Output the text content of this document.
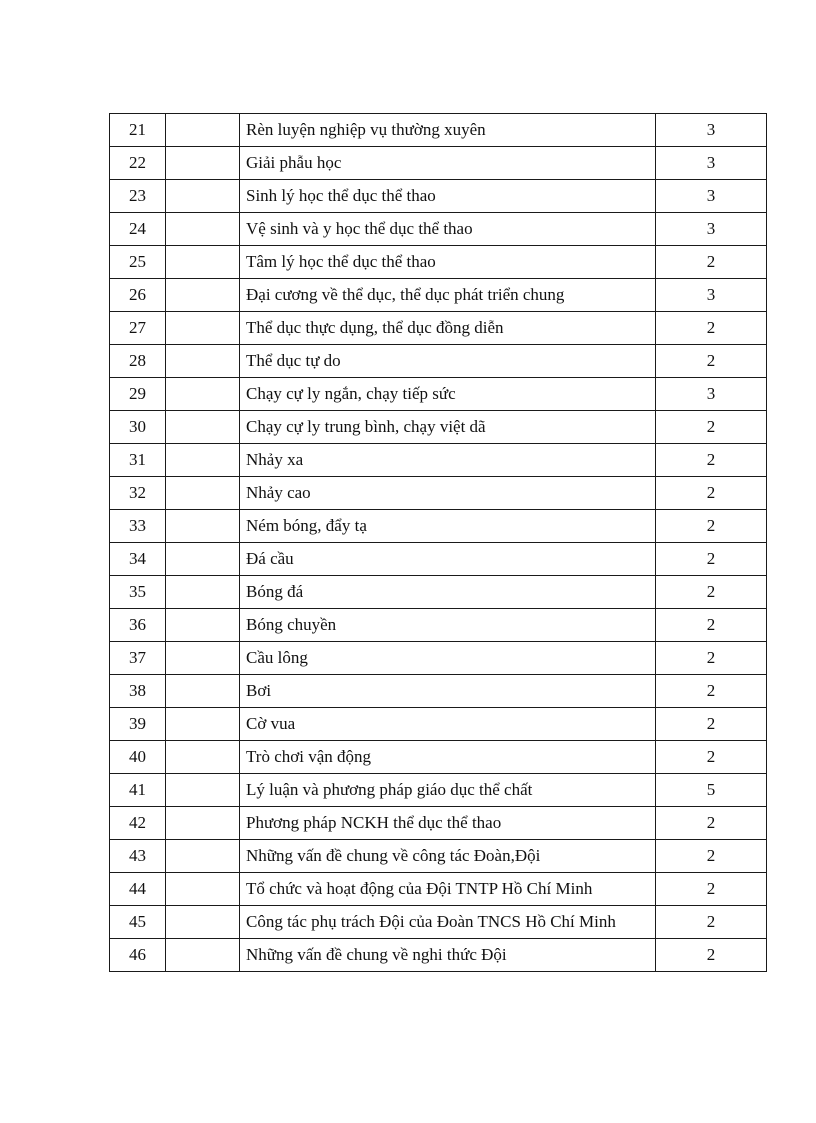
21		Rèn luyện nghiệp vụ thường xuyên	3
22		Giải phẫu học	3
23		Sinh lý học thể dục thể thao	3
24		Vệ sinh và y học thể dục thể thao	3
25		Tâm lý học thể dục thể thao	2
26		Đại cương về thể dục, thể dục phát triển chung	3
27		Thể dục thực dụng, thể dục đồng diễn	2
28		Thể dục tự do	2
29		Chạy cự ly ngắn, chạy tiếp sức	3
30		Chạy cự ly trung bình, chạy việt dã	2
31		Nhảy xa	2
32		Nhảy cao	2
33		Ném bóng, đẩy tạ	2
34		Đá cầu	2
35		Bóng đá	2
36		Bóng chuyền	2
37		Cầu lông	2
38		Bơi	2
39		Cờ vua	2
40		Trò chơi vận động	2
41		Lý luận và phương pháp giáo dục thể chất	5
42		Phương pháp NCKH thể dục thể thao	2
43		Những vấn đề chung về công tác Đoàn,Đội	2
44		Tổ chức và hoạt động của Đội TNTP Hồ Chí Minh	2
45		Công tác phụ trách Đội của Đoàn TNCS Hồ Chí Minh	2
46		Những vấn đề chung về nghi thức Đội	2
